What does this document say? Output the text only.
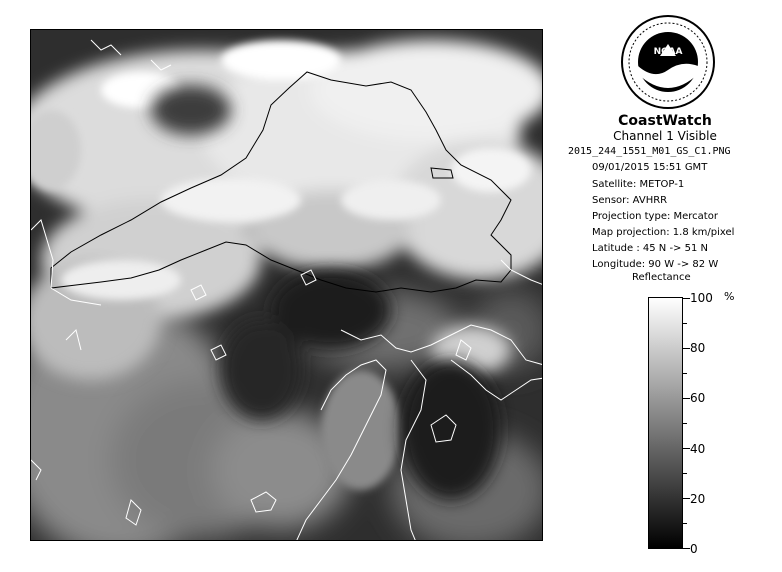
NOAA
CoastWatch
Channel 1 Visible
2015_244_1551_M01_GS_C1.PNG
09/01/2015 15:51 GMT
Satellite: METOP-1
Sensor: AVHRR
Projection type: Mercator
Map projection: 1.8 km/pixel
Latitude : 45 N -> 51 N
Longitude: 90 W -> 82 W
Reflectance
%
100
80
60
40
20
0
